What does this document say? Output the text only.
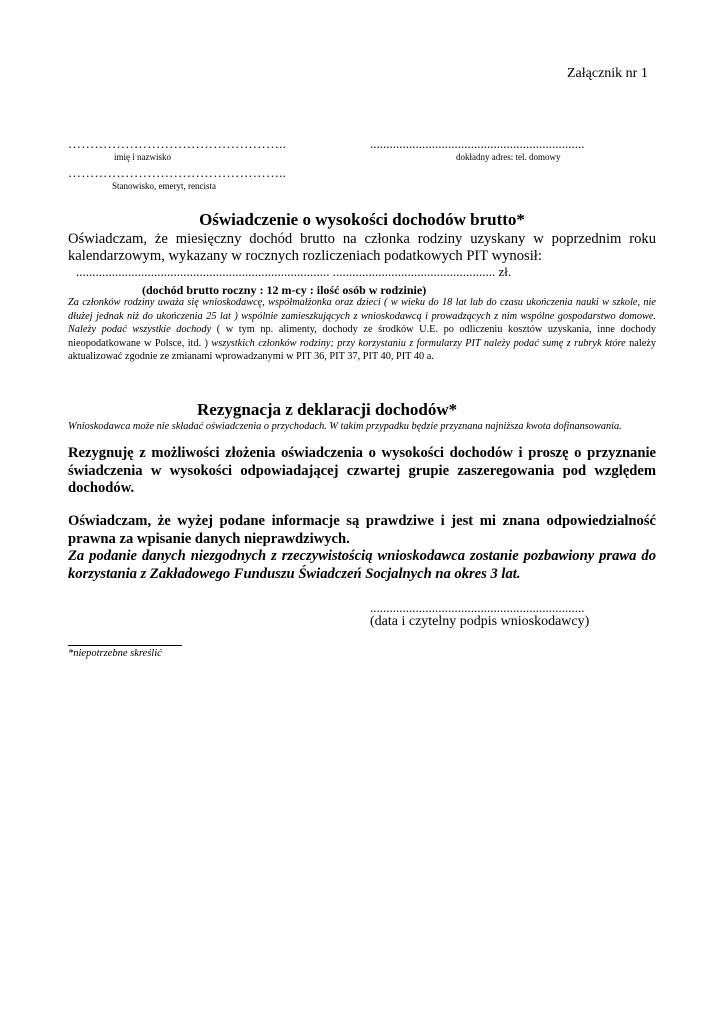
Załącznik nr 1
…………………………………………..	..................................................................
imię i nazwisko	dokładny adres: tel. domowy
…………………………………………..
Stanowisko, emeryt, rencista
Oświadczenie o wysokości dochodów brutto*
Oświadczam, że miesięczny dochód brutto na członka rodziny uzyskany w poprzednim roku kalendarzowym, wykazany w rocznych rozliczeniach podatkowych PIT wynosił:
.............................................................................. .................................................. zł.
(dochód brutto roczny : 12 m-cy : ilość osób w rodzinie)
Za członków rodziny uważa się wnioskodawcę, współmałżonka oraz dzieci ( w wieku do 18 lat lub do czasu ukończenia nauki w szkole, nie dłużej jednak niż do ukończenia 25 lat ) wspólnie zamieszkujących z wnioskodawcą i prowadzących z nim wspólne gospodarstwo domowe. Należy podać wszystkie dochody ( w tym np. alimenty, dochody ze środków U.E. po odliczeniu kosztów uzyskania, inne dochody nieopodatkowane w Polsce, itd. ) wszystkich członków rodziny; przy korzystaniu z formularzy PIT należy podać sumę z rubryk które należy aktualizować zgodnie ze zmianami wprowadzanymi w PIT 36, PIT 37, PIT 40, PIT 40 a.
Rezygnacja z deklaracji dochodów*
Wnioskodawca może nie składać oświadczenia o przychodach. W takim przypadku będzie przyznana najniższa kwota dofinansowania.
Rezygnuję z możliwości złożenia oświadczenia o wysokości dochodów i proszę o przyznanie świadczenia w wysokości odpowiadającej czwartej grupie zaszeregowania pod względem dochodów.
Oświadczam, że wyżej podane informacje są prawdziwe i jest mi znana odpowiedzialność prawna za wpisanie danych nieprawdziwych.
Za podanie danych niezgodnych z rzeczywistością wnioskodawca zostanie pozbawiony prawa do korzystania z Zakładowego Funduszu Świadczeń Socjalnych na okres 3 lat.
..................................................................
(data i czytelny podpis wnioskodawcy)
*niepotrzebne skreślić
